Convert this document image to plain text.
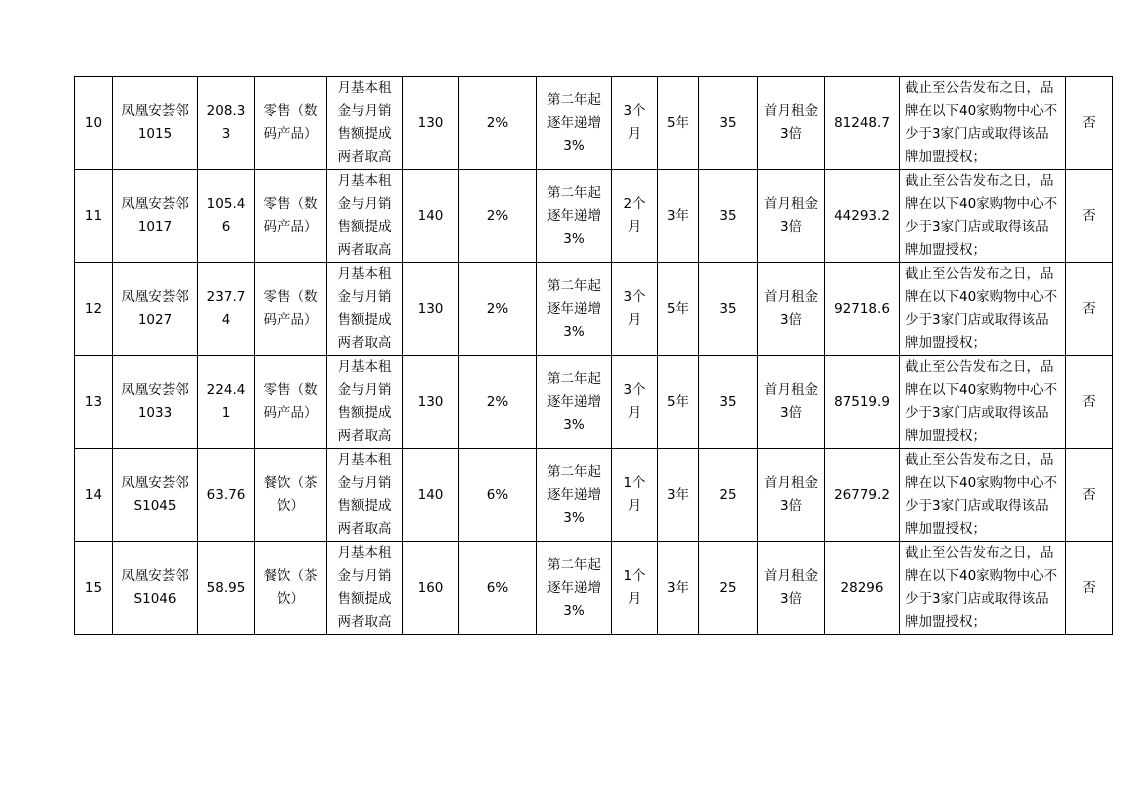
10	凤凰安荟邻1015	208.33	零售（数码产品）	月基本租金与月销售额提成两者取高	130	2%	第二年起逐年递增3%	3个月	5年	35	首月租金3倍	81248.7	截止至公告发布之日，品牌在以下40家购物中心不少于3家门店或取得该品牌加盟授权；	否
11	凤凰安荟邻1017	105.46	零售（数码产品）	月基本租金与月销售额提成两者取高	140	2%	第二年起逐年递增3%	2个月	3年	35	首月租金3倍	44293.2	截止至公告发布之日，品牌在以下40家购物中心不少于3家门店或取得该品牌加盟授权；	否
12	凤凰安荟邻1027	237.74	零售（数码产品）	月基本租金与月销售额提成两者取高	130	2%	第二年起逐年递增3%	3个月	5年	35	首月租金3倍	92718.6	截止至公告发布之日，品牌在以下40家购物中心不少于3家门店或取得该品牌加盟授权；	否
13	凤凰安荟邻1033	224.41	零售（数码产品）	月基本租金与月销售额提成两者取高	130	2%	第二年起逐年递增3%	3个月	5年	35	首月租金3倍	87519.9	截止至公告发布之日，品牌在以下40家购物中心不少于3家门店或取得该品牌加盟授权；	否
14	凤凰安荟邻S1045	63.76	餐饮（茶饮）	月基本租金与月销售额提成两者取高	140	6%	第二年起逐年递增3%	1个月	3年	25	首月租金3倍	26779.2	截止至公告发布之日，品牌在以下40家购物中心不少于3家门店或取得该品牌加盟授权；	否
15	凤凰安荟邻S1046	58.95	餐饮（茶饮）	月基本租金与月销售额提成两者取高	160	6%	第二年起逐年递增3%	1个月	3年	25	首月租金3倍	28296	截止至公告发布之日，品牌在以下40家购物中心不少于3家门店或取得该品牌加盟授权；	否
